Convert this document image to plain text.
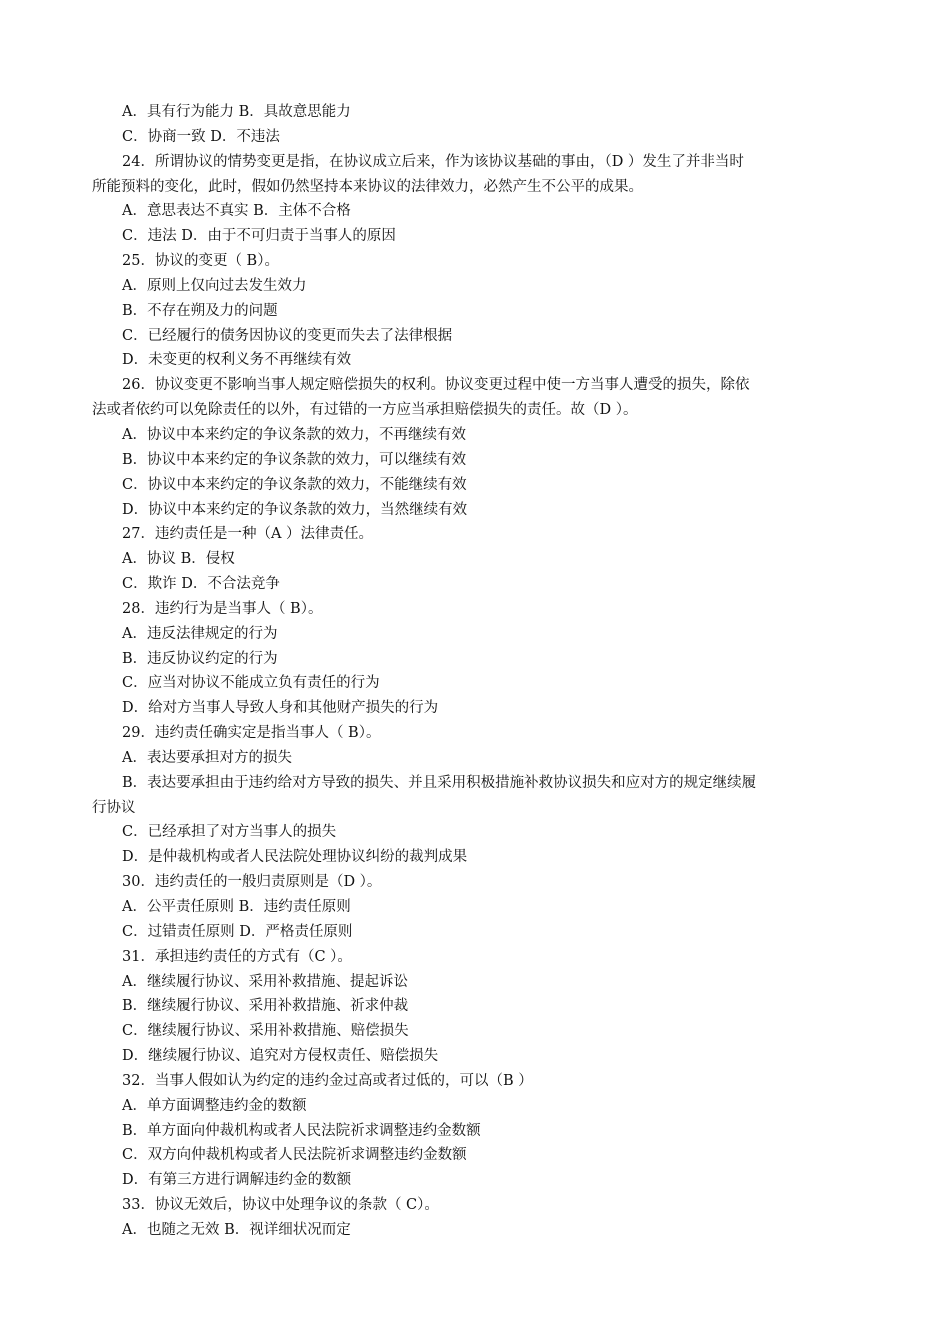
A．具有行为能力 B．具故意思能力
C．协商一致 D．不违法
24．所谓协议的情势变更是指，在协议成立后来，作为该协议基础的事由，（D ）发生了并非当时
所能预料的变化，此时，假如仍然坚持本来协议的法律效力，必然产生不公平的成果。
A．意思表达不真实 B．主体不合格
C．违法 D．由于不可归责于当事人的原因
25．协议的变更（ B）。
A．原则上仅向过去发生效力
B．不存在朔及力的问题
C．已经履行的债务因协议的变更而失去了法律根据
D．未变更的权利义务不再继续有效
26．协议变更不影响当事人规定赔偿损失的权利。协议变更过程中使一方当事人遭受的损失，除依
法或者依约可以免除责任的以外，有过错的一方应当承担赔偿损失的责任。故（D ）。
A．协议中本来约定的争议条款的效力，不再继续有效
B．协议中本来约定的争议条款的效力，可以继续有效
C．协议中本来约定的争议条款的效力，不能继续有效
D．协议中本来约定的争议条款的效力，当然继续有效
27．违约责任是一种（A ）法律责任。
A．协议 B．侵权
C．欺诈 D．不合法竞争
28．违约行为是当事人（ B）。
A．违反法律规定的行为
B．违反协议约定的行为
C．应当对协议不能成立负有责任的行为
D．给对方当事人导致人身和其他财产损失的行为
29．违约责任确实定是指当事人（ B）。
A．表达要承担对方的损失
B．表达要承担由于违约给对方导致的损失、并且采用积极措施补救协议损失和应对方的规定继续履
行协议
C．已经承担了对方当事人的损失
D．是仲裁机构或者人民法院处理协议纠纷的裁判成果
30．违约责任的一般归责原则是（D ）。
A．公平责任原则 B．违约责任原则
C．过错责任原则 D．严格责任原则
31．承担违约责任的方式有（C ）。
A．继续履行协议、采用补救措施、提起诉讼
B．继续履行协议、采用补救措施、祈求仲裁
C．继续履行协议、采用补救措施、赔偿损失
D．继续履行协议、追究对方侵权责任、赔偿损失
32．当事人假如认为约定的违约金过高或者过低的，可以（B ）
A．单方面调整违约金的数额
B．单方面向仲裁机构或者人民法院祈求调整违约金数额
C．双方向仲裁机构或者人民法院祈求调整违约金数额
D．有第三方进行调解违约金的数额
33．协议无效后，协议中处理争议的条款（ C）。
A．也随之无效 B．视详细状况而定
